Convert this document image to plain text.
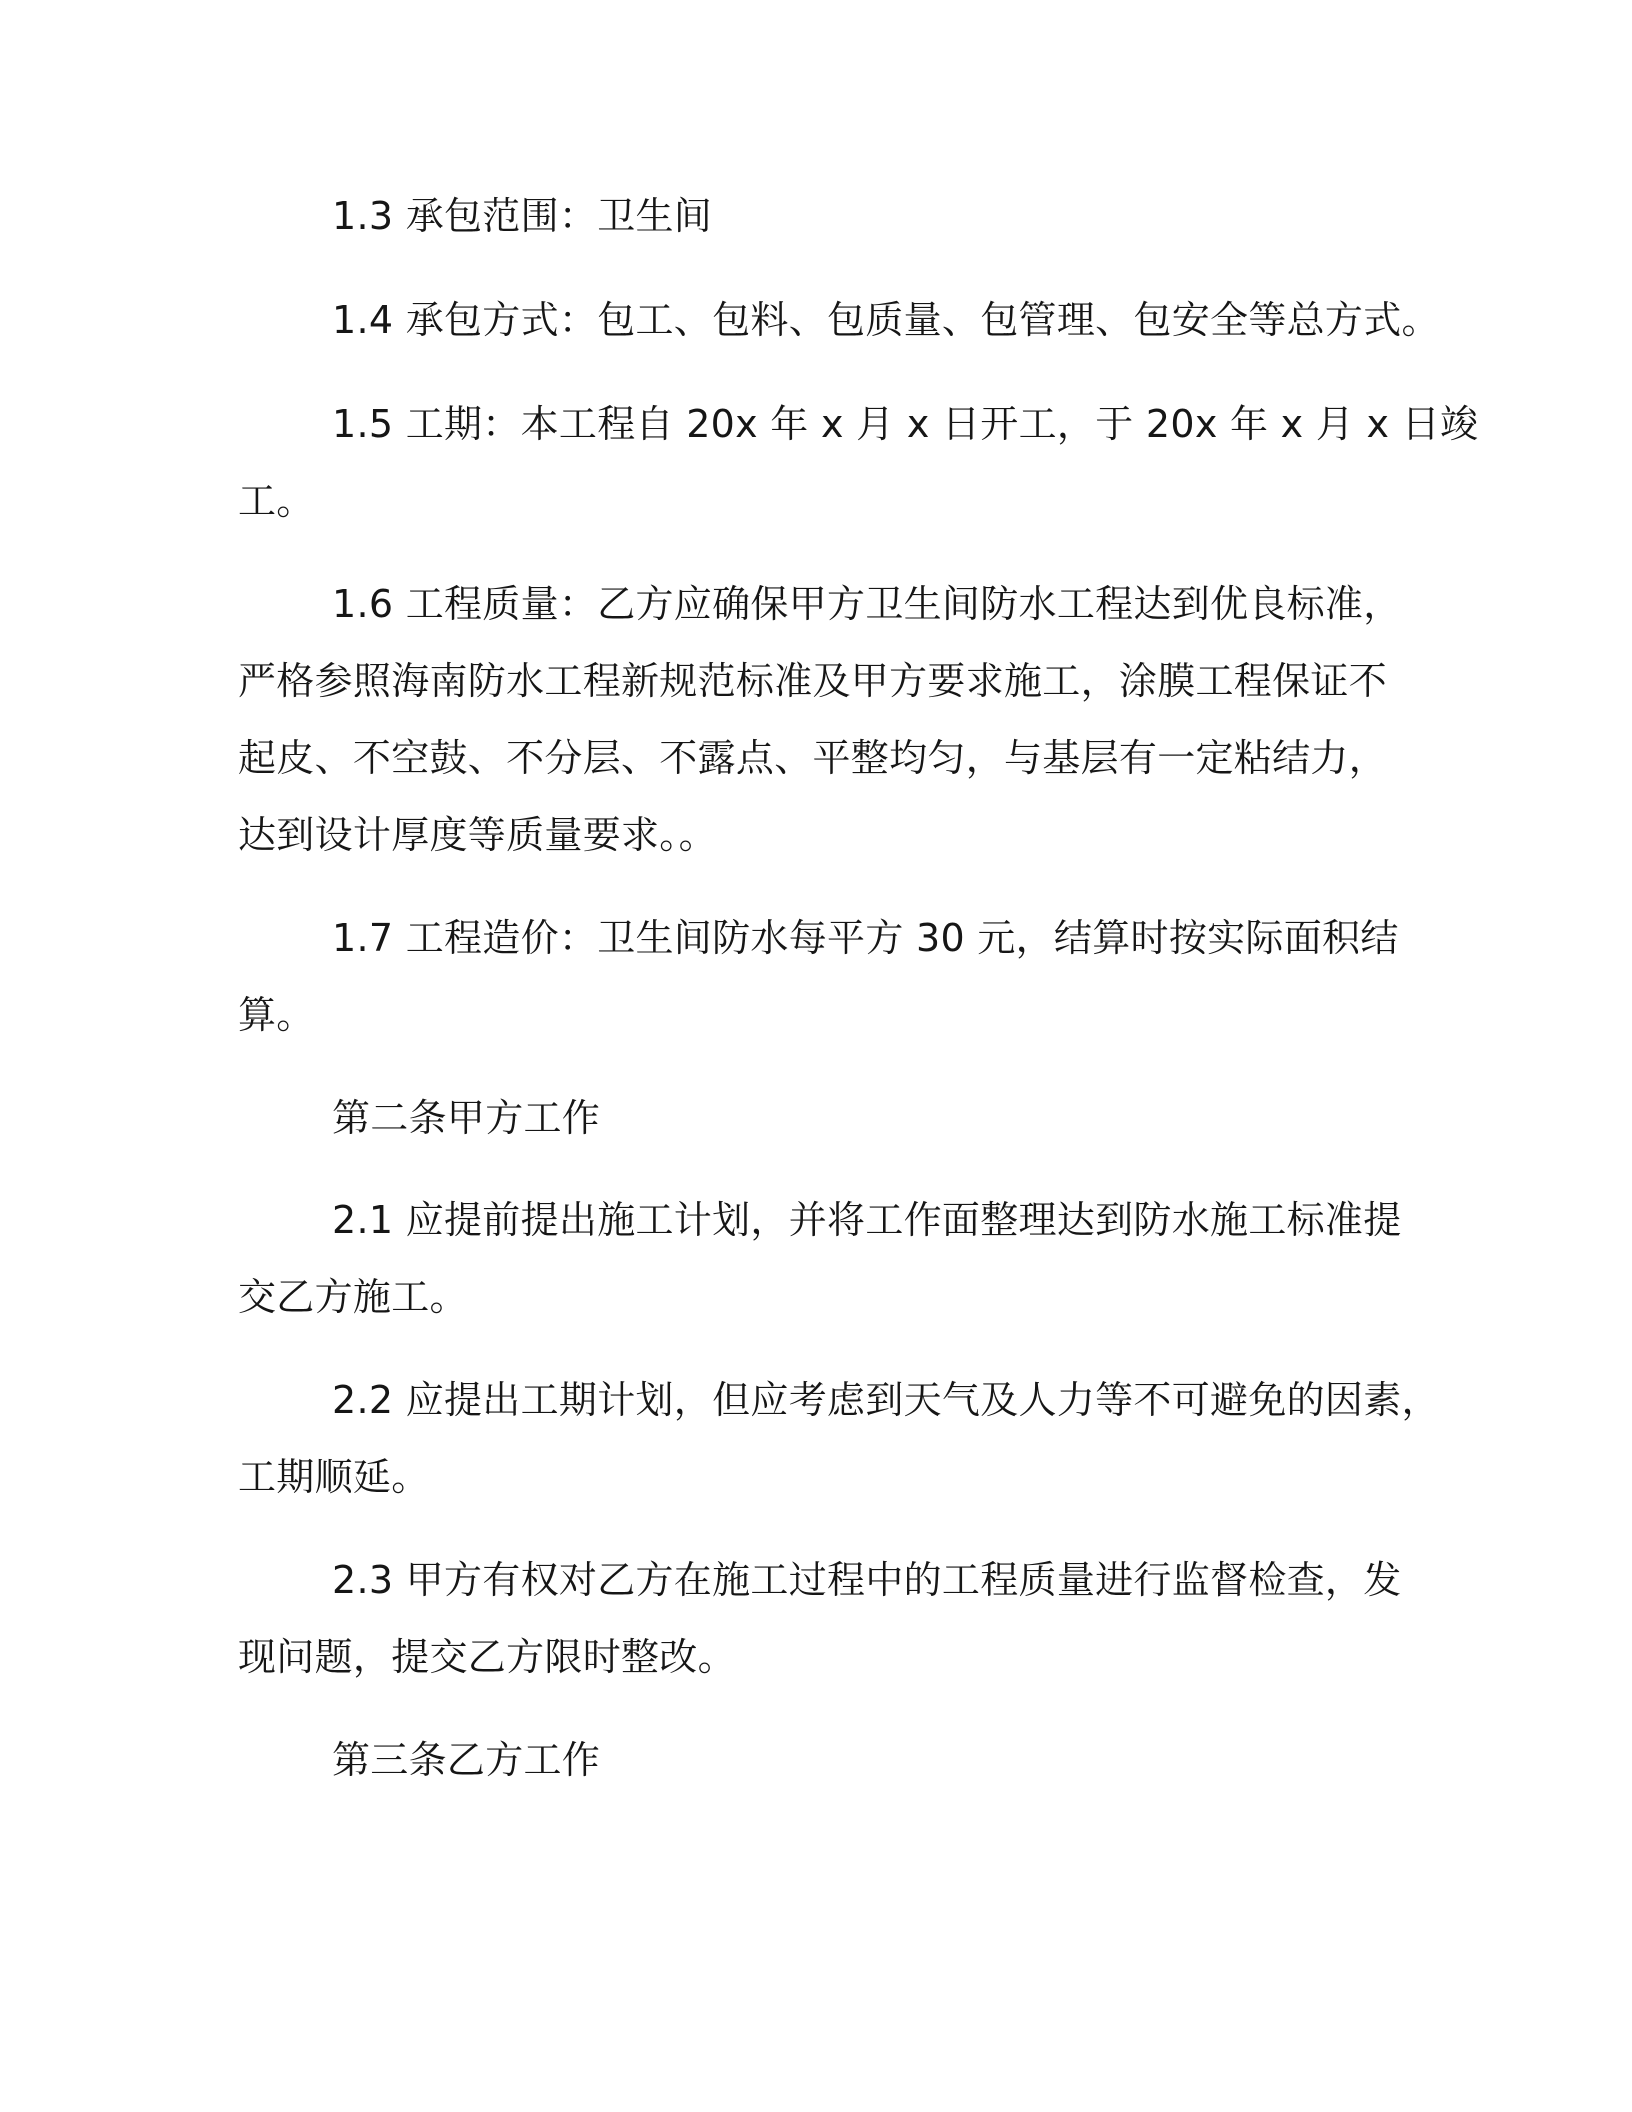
1.3 承包范围：卫生间

1.4 承包方式：包工、包料、包质量、包管理、包安全等总方式。

1.5 工期：本工程自 20x 年 x 月 x 日开工，于 20x 年 x 月 x 日竣

工。

1.6 工程质量：乙方应确保甲方卫生间防水工程达到优良标准，

严格参照海南防水工程新规范标准及甲方要求施工，涂膜工程保证不

起皮、不空鼓、不分层、不露点、平整均匀，与基层有一定粘结力，

达到设计厚度等质量要求。。

1.7 工程造价：卫生间防水每平方 30 元，结算时按实际面积结

算。

第二条甲方工作

2.1 应提前提出施工计划，并将工作面整理达到防水施工标准提

交乙方施工。

2.2 应提出工期计划，但应考虑到天气及人力等不可避免的因素，

工期顺延。

2.3 甲方有权对乙方在施工过程中的工程质量进行监督检查，发

现问题，提交乙方限时整改。

第三条乙方工作
